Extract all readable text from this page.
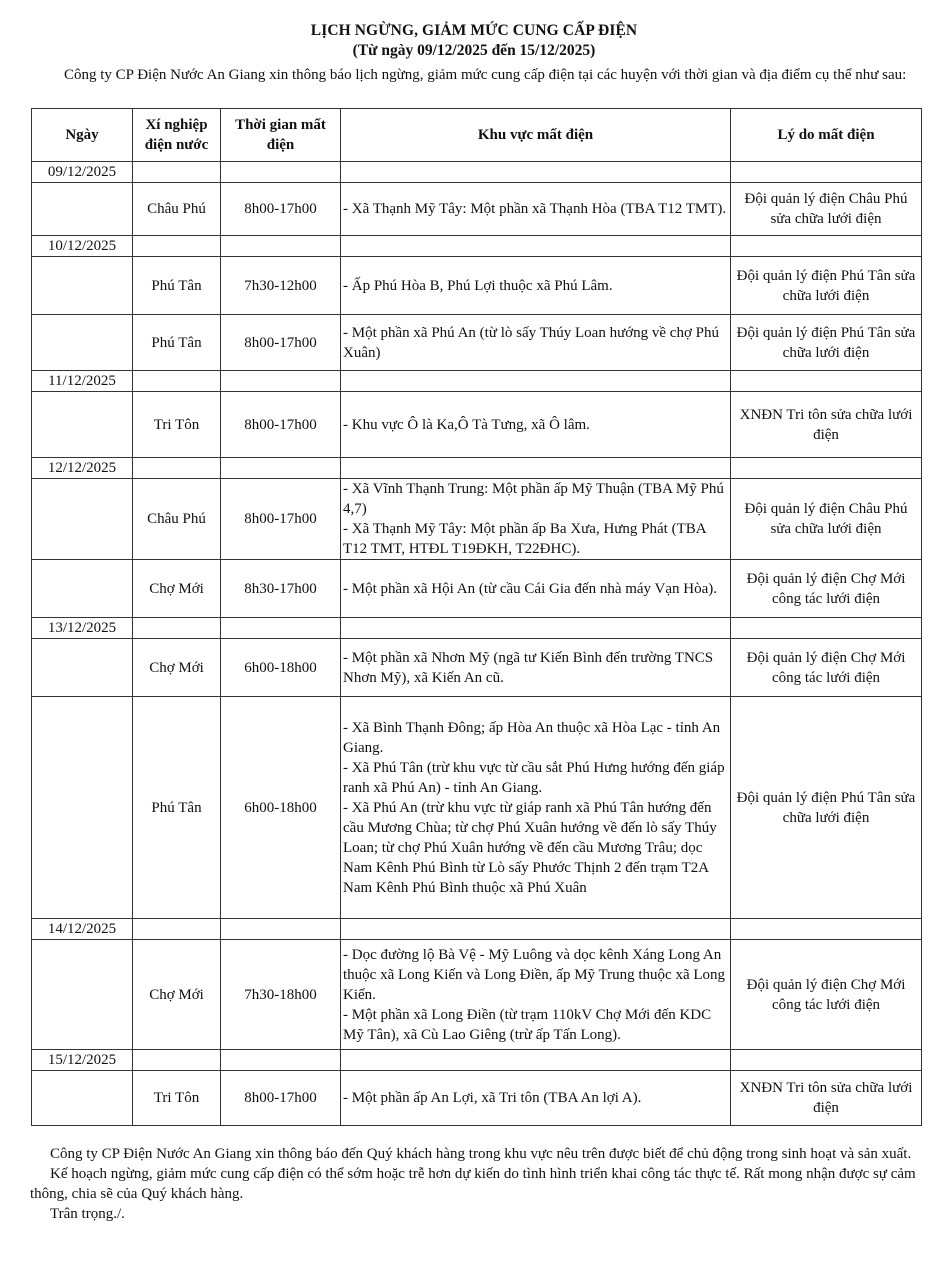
LỊCH NGỪNG, GIẢM MỨC CUNG CẤP ĐIỆN
(Từ ngày 09/12/2025 đến 15/12/2025)
Công ty CP Điện Nước An Giang xin thông báo lịch ngừng, giảm mức cung cấp điện tại các huyện với thời gian và địa điểm cụ thể như sau:
Ngày	Xí nghiệp điện nước	Thời gian mất điện	Khu vực mất điện	Lý do mất điện
09/12/2025				
	Châu Phú	8h00-17h00	- Xã Thạnh Mỹ Tây: Một phần xã Thạnh Hòa (TBA T12 TMT).	Đội quản lý điện Châu Phú sửa chữa lưới điện
10/12/2025				
	Phú Tân	7h30-12h00	- Ấp Phú Hòa B, Phú Lợi thuộc xã Phú Lâm.	Đội quản lý điện Phú Tân sửa chữa lưới điện
	Phú Tân	8h00-17h00	- Một phần xã Phú An (từ lò sấy Thúy Loan hướng về chợ Phú Xuân)	Đội quản lý điện Phú Tân sửa chữa lưới điện
11/12/2025				
	Tri Tôn	8h00-17h00	- Khu vực Ô là Ka,Ô Tà Tưng, xã Ô lâm.	XNĐN Tri tôn sửa chữa lưới điện
12/12/2025				
	Châu Phú	8h00-17h00	- Xã Vĩnh Thạnh Trung: Một phần ấp Mỹ Thuận (TBA Mỹ Phú 4,7)
- Xã Thạnh Mỹ Tây: Một phần ấp Ba Xưa, Hưng Phát (TBA T12 TMT, HTĐL T19ĐKH, T22ĐHC).	Đội quản lý điện Châu Phú sửa chữa lưới điện
	Chợ Mới	8h30-17h00	- Một phần xã Hội An (từ cầu Cái Gia đến nhà máy Vạn Hòa).	Đội quản lý điện Chợ Mới công tác lưới điện
13/12/2025				
	Chợ Mới	6h00-18h00	- Một phần xã Nhơn Mỹ (ngã tư Kiến Bình đến trường TNCS Nhơn Mỹ), xã Kiến An cũ.	Đội quản lý điện Chợ Mới công tác lưới điện
	Phú Tân	6h00-18h00	- Xã Bình Thạnh Đông; ấp Hòa An thuộc xã Hòa Lạc - tỉnh An Giang.
- Xã Phú Tân (trừ khu vực từ cầu sắt Phú Hưng hướng đến giáp ranh xã Phú An) - tỉnh An Giang.
- Xã Phú An (trừ khu vực từ giáp ranh xã Phú Tân hướng đến cầu Mương Chùa; từ chợ Phú Xuân hướng về đến lò sấy Thúy Loan; từ chợ Phú Xuân hướng về đến cầu Mương Trâu; dọc Nam Kênh Phú Bình từ Lò sấy Phước Thịnh 2 đến trạm T2A Nam Kênh Phú Bình thuộc xã Phú Xuân	Đội quản lý điện Phú Tân sửa chữa lưới điện
14/12/2025				
	Chợ Mới	7h30-18h00	- Dọc đường lộ Bà Vệ - Mỹ Luông và dọc kênh Xáng Long An thuộc xã Long Kiến và Long Điền, ấp Mỹ Trung thuộc xã Long Kiến.
- Một phần xã Long Điền (từ trạm 110kV Chợ Mới đến KDC Mỹ Tân), xã Cù Lao Giêng (trừ ấp Tấn Long).	Đội quản lý điện Chợ Mới công tác lưới điện
15/12/2025				
	Tri Tôn	8h00-17h00	- Một phần ấp An Lợi, xã Tri tôn (TBA An lợi A).	XNĐN Tri tôn sửa chữa lưới điện

Công ty CP Điện Nước An Giang xin thông báo đến Quý khách hàng trong khu vực nêu trên được biết để chủ động trong sinh hoạt và sản xuất.

Kế hoạch ngừng, giảm mức cung cấp điện có thể sớm hoặc trễ hơn dự kiến do tình hình triển khai công tác thực tế. Rất mong nhận được sự cảm thông, chia sẽ của Quý khách hàng.

Trân trọng./.
